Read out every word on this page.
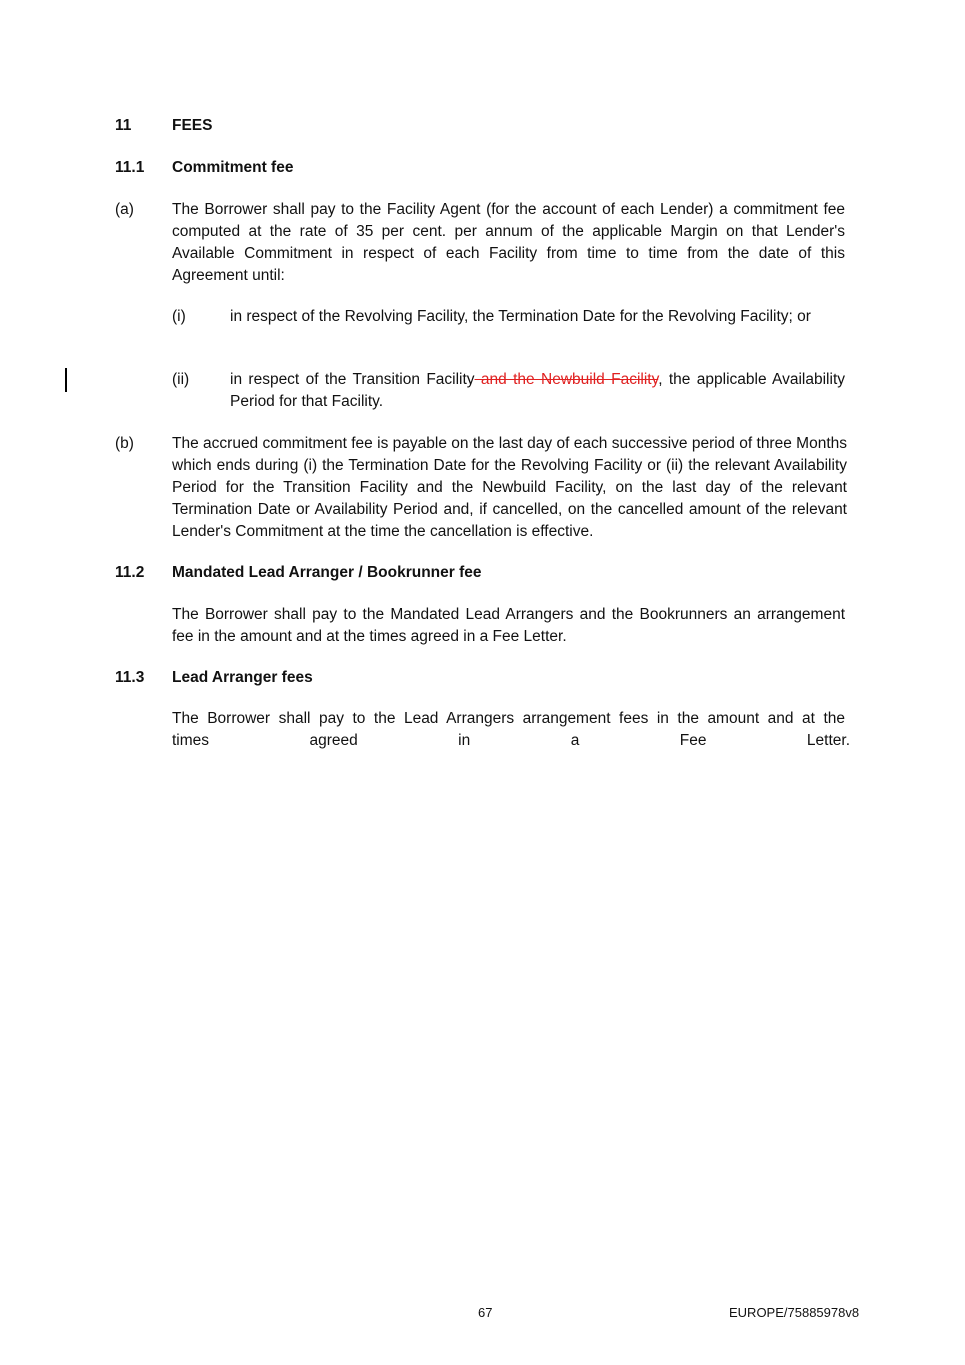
11	FEES
11.1 Commitment fee
(a) The Borrower shall pay to the Facility Agent (for the account of each Lender) a commitment fee computed at the rate of 35 per cent. per annum of the applicable Margin on that Lender's Available Commitment in respect of each Facility from time to time from the date of this Agreement until:
(i)	in respect of the Revolving Facility, the Termination Date for the Revolving Facility; or
(ii)	in respect of the Transition Facility and the Newbuild Facility, the applicable Availability Period for that Facility.
(b) The accrued commitment fee is payable on the last day of each successive period of three Months which ends during (i) the Termination Date for the Revolving Facility or (ii) the relevant Availability Period for the Transition Facility and the Newbuild Facility, on the last day of the relevant Termination Date or Availability Period and, if cancelled, on the cancelled amount of the relevant Lender's Commitment at the time the cancellation is effective.
11.2 Mandated Lead Arranger / Bookrunner fee
The Borrower shall pay to the Mandated Lead Arrangers and the Bookrunners an arrangement fee in the amount and at the times agreed in a Fee Letter.
11.3 Lead Arranger fees
The Borrower shall pay to the Lead Arrangers arrangement fees in the amount and at the
times agreed in a Fee Letter.
67	EUROPE/75885978v8
